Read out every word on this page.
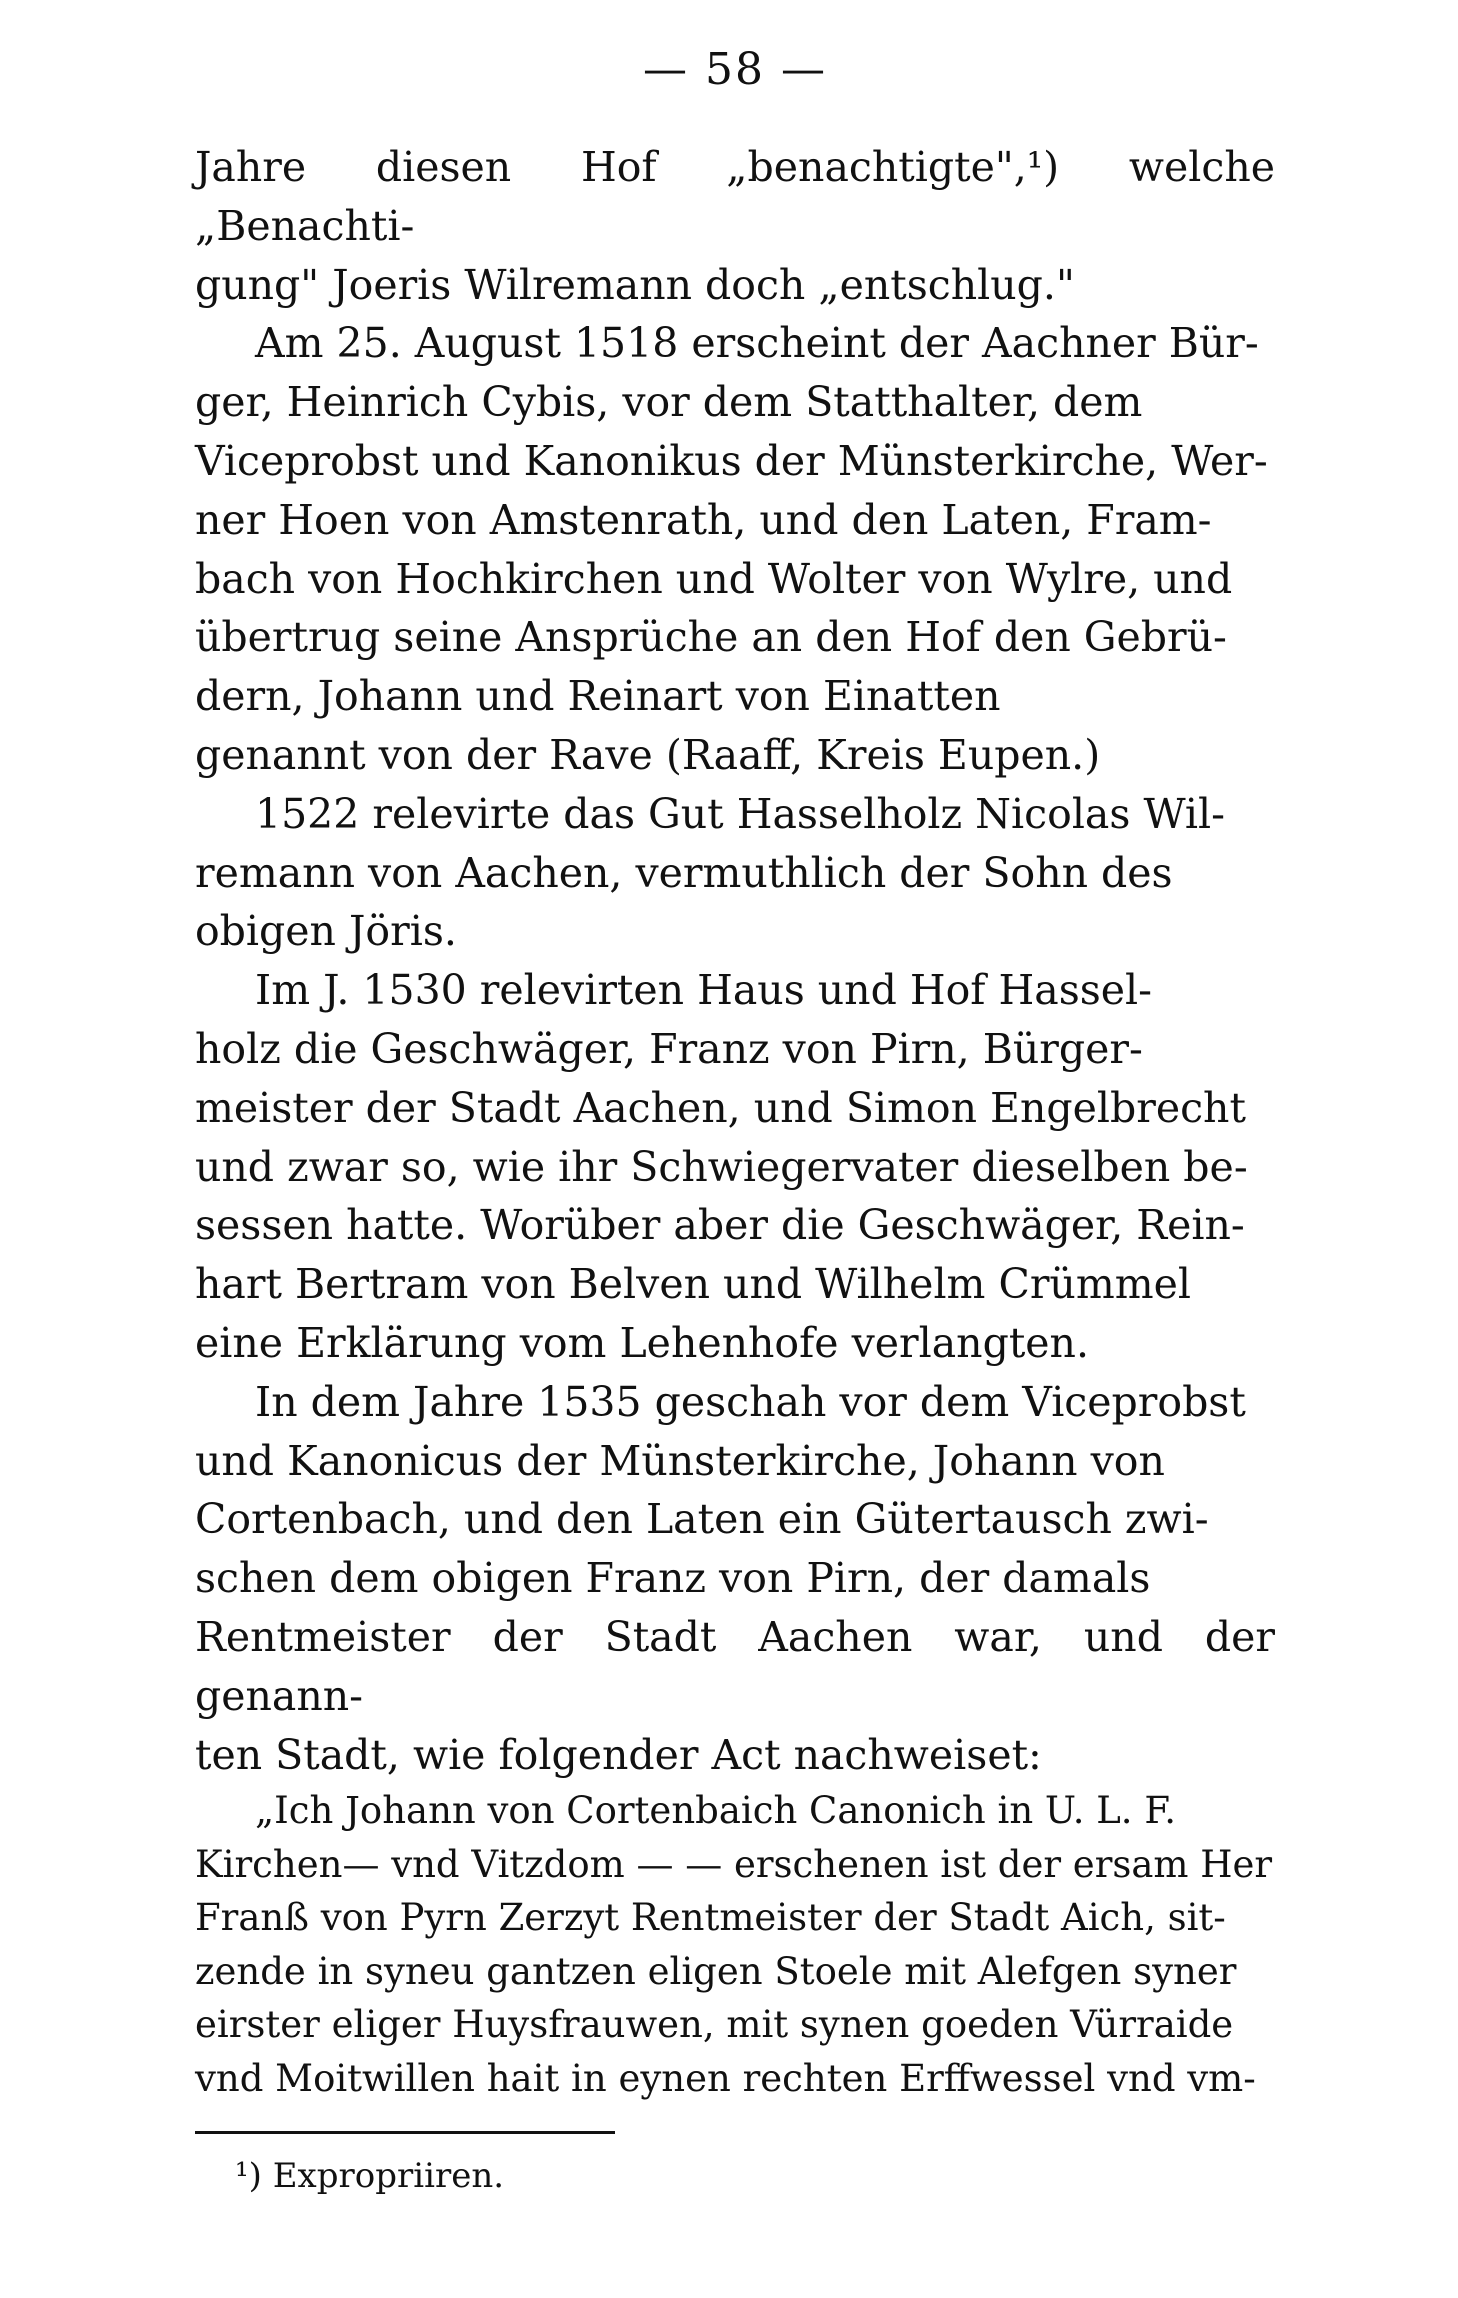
— 58 —

Jahre diesen Hof „benachtigte",¹) welche „Benachti-
gung" Joeris Wilremann doch „entschlug."

Am 25. August 1518 erscheint der Aachner Bür-
ger, Heinrich Cybis, vor dem Statthalter, dem
Viceprobst und Kanonikus der Münsterkirche, Wer-
ner Hoen von Amstenrath, und den Laten, Fram-
bach von Hochkirchen und Wolter von Wylre, und
übertrug seine Ansprüche an den Hof den Gebrü-
dern, Johann und Reinart von Einatten
genannt von der Rave (Raaff, Kreis Eupen.)

1522 relevirte das Gut Hasselholz Nicolas Wil-
remann von Aachen, vermuthlich der Sohn des
obigen Jöris.

Im J. 1530 relevirten Haus und Hof Hassel-
holz die Geschwäger, Franz von Pirn, Bürger-
meister der Stadt Aachen, und Simon Engelbrecht
und zwar so, wie ihr Schwiegervater dieselben be-
sessen hatte. Worüber aber die Geschwäger, Rein-
hart Bertram von Belven und Wilhelm Crümmel
eine Erklärung vom Lehenhofe verlangten.

In dem Jahre 1535 geschah vor dem Viceprobst
und Kanonicus der Münsterkirche, Johann von
Cortenbach, und den Laten ein Gütertausch zwi-
schen dem obigen Franz von Pirn, der damals
Rentmeister der Stadt Aachen war, und der genann-
ten Stadt, wie folgender Act nachweiset:

„Ich Johann von Cortenbaich Canonich in U. L. F.
Kirchen— vnd Vitzdom — — erschenen ist der ersam Her
Franß von Pyrn Zerzyt Rentmeister der Stadt Aich, sit-
zende in syneu gantzen eligen Stoele mit Alefgen syner
eirster eliger Huysfrauwen, mit synen goeden Vürraide
vnd Moitwillen hait in eynen rechten Erffwessel vnd vm-
¹) Expropriiren.
